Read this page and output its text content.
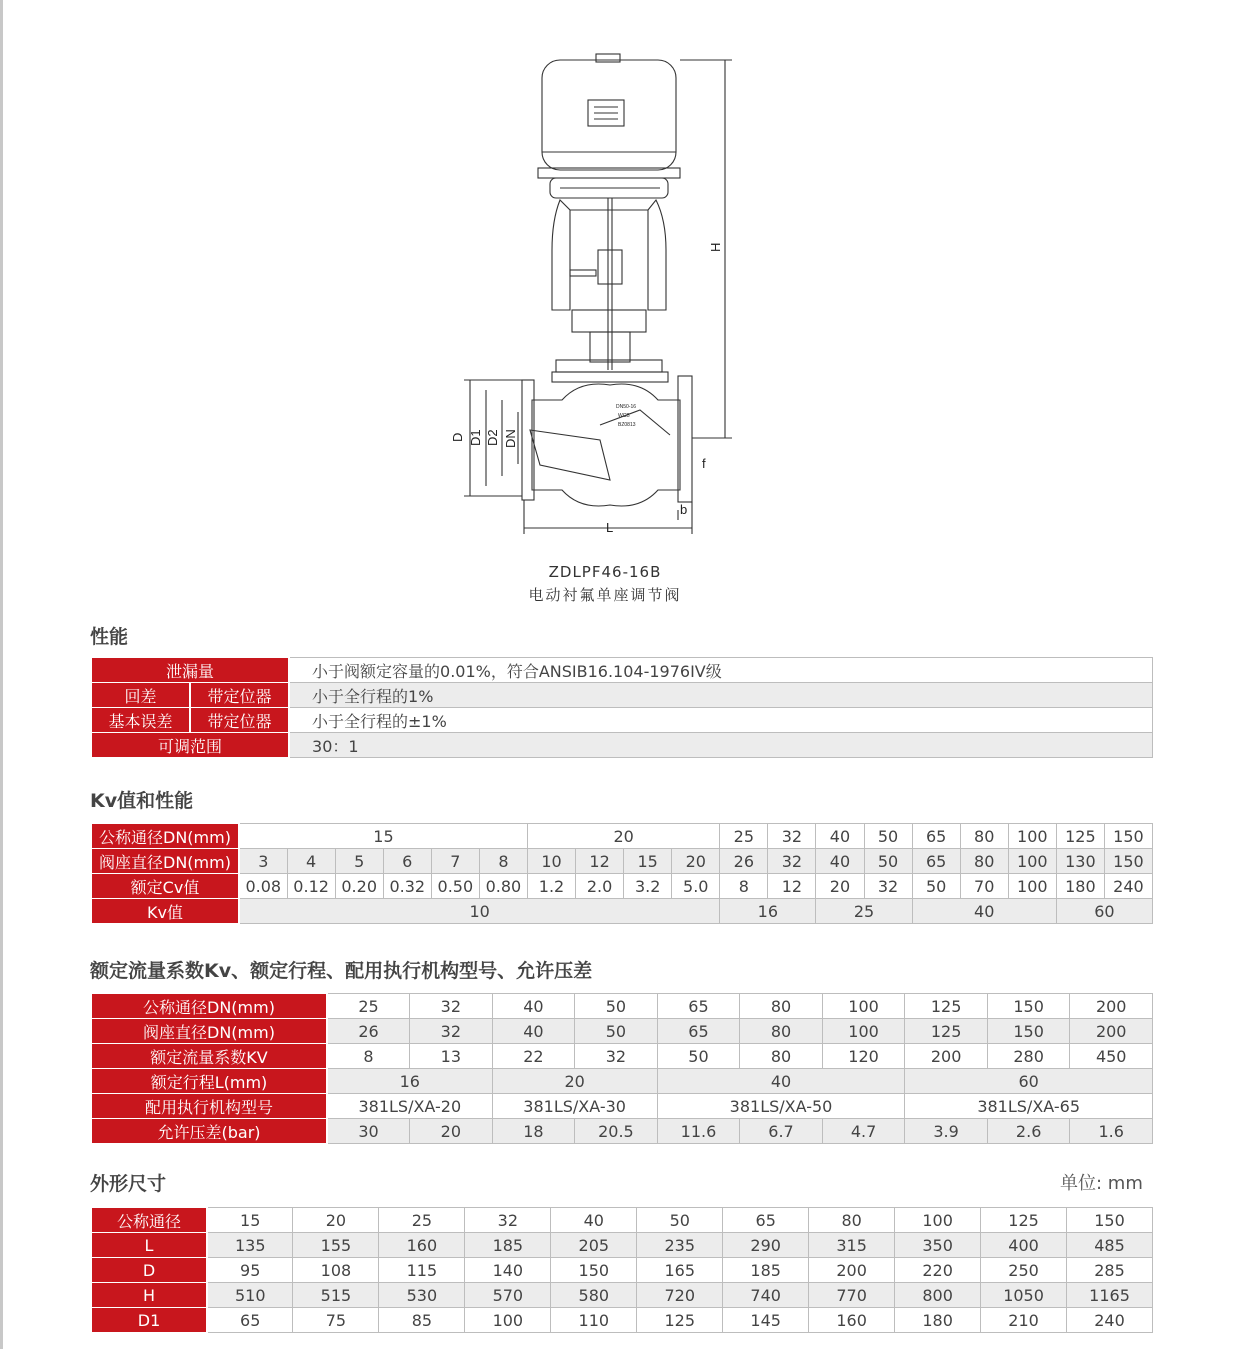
H
D D1 D2 DN
L
f
b
DN50-16
WCB
BZ0813
ZDLPF46-16B
电动衬氟单座调节阀
性能
泄漏量		小于阀额定容量的0.01%，符合ANSIB16.104-1976IV级
回差	带定位器	小于全行程的1%
基本误差	带定位器	小于全行程的±1%
可调范围		30：1
Kv值和性能
公称通径DN(mm)	15						20				25	32	40	50	65	80	100	125	150
阀座直径DN(mm)	3	4	5	6	7	8	10	12	15	20	26	32	40	50	65	80	100	130	150
额定Cv值	0.08	0.12	0.20	0.32	0.50	0.80	1.2	2.0	3.2	5.0	8	12	20	32	50	70	100	180	240
Kv值	10										16		25		40			60	
额定流量系数Kv、额定行程、配用执行机构型号、允许压差
公称通径DN(mm)	25	32	40	50	65	80	100	125	150	200
阀座直径DN(mm)	26	32	40	50	65	80	100	125	150	200
额定流量系数KV	8	13	22	32	50	80	120	200	280	450
额定行程L(mm)	16		20		40			60		
配用执行机构型号	381LS/XA-20		381LS/XA-30		381LS/XA-50			381LS/XA-65		
允许压差(bar)	30	20	18	20.5	11.6	6.7	4.7	3.9	2.6	1.6
外形尺寸	单位: mm
公称通径	15	20	25	32	40	50	65	80	100	125	150
L	135	155	160	185	205	235	290	315	350	400	485
D	95	108	115	140	150	165	185	200	220	250	285
H	510	515	530	570	580	720	740	770	800	1050	1165
D1	65	75	85	100	110	125	145	160	180	210	240
